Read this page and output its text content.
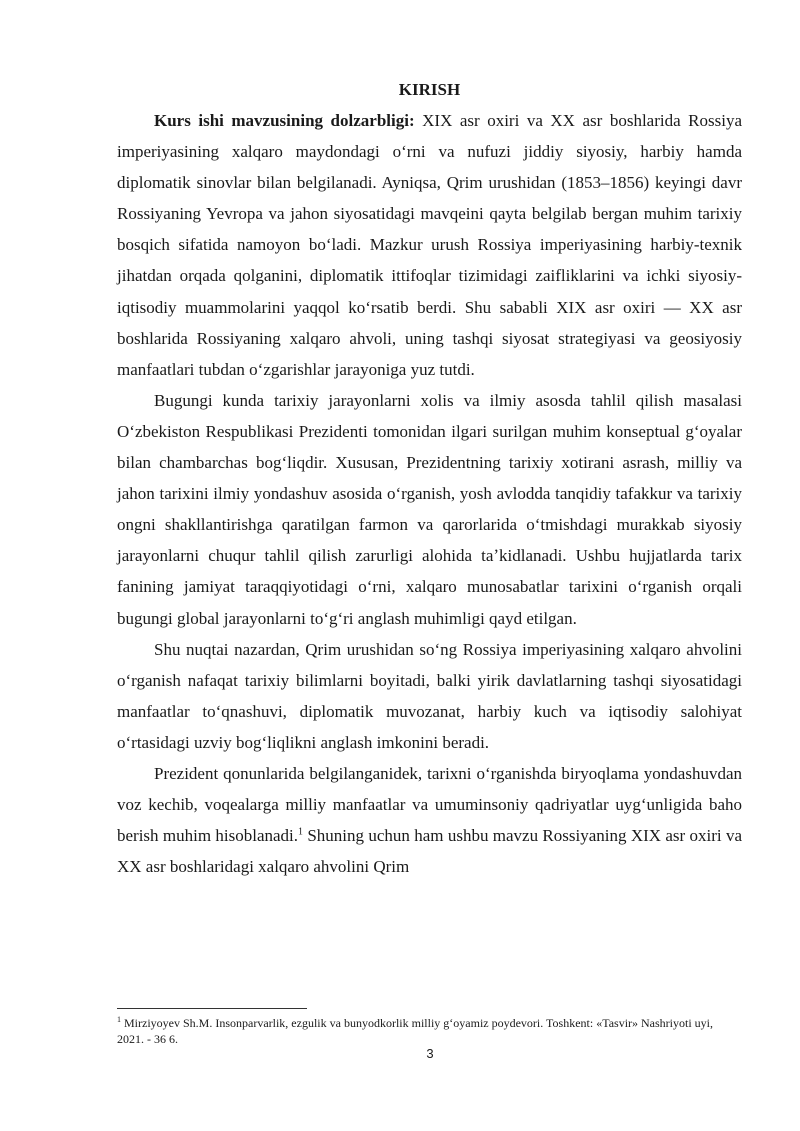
KIRISH

Kurs ishi mavzusining dolzarbligi: XIX asr oxiri va XX asr boshlarida Rossiya imperiyasining xalqaro maydondagi oʻrni va nufuzi jiddiy siyosiy, harbiy hamda diplomatik sinovlar bilan belgilanadi. Ayniqsa, Qrim urushidan (1853–1856) keyingi davr Rossiyaning Yevropa va jahon siyosatidagi mavqeini qayta belgilab bergan muhim tarixiy bosqich sifatida namoyon boʻladi. Mazkur urush Rossiya imperiyasining harbiy-texnik jihatdan orqada qolganini, diplomatik ittifoqlar tizimidagi zaifliklarini va ichki siyosiy-iqtisodiy muammolarini yaqqol koʻrsatib berdi. Shu sababli XIX asr oxiri — XX asr boshlarida Rossiyaning xalqaro ahvoli, uning tashqi siyosat strategiyasi va geosiyosiy manfaatlari tubdan oʻzgarishlar jarayoniga yuz tutdi.

Bugungi kunda tarixiy jarayonlarni xolis va ilmiy asosda tahlil qilish masalasi Oʻzbekiston Respublikasi Prezidenti tomonidan ilgari surilgan muhim konseptual gʻoyalar bilan chambarchas bogʻliqdir. Xususan, Prezidentning tarixiy xotirani asrash, milliy va jahon tarixini ilmiy yondashuv asosida oʻrganish, yosh avlodda tanqidiy tafakkur va tarixiy ongni shakllantirishga qaratilgan farmon va qarorlarida oʻtmishdagi murakkab siyosiy jarayonlarni chuqur tahlil qilish zarurligi alohida taʼkidlanadi. Ushbu hujjatlarda tarix fanining jamiyat taraqqiyotidagi oʻrni, xalqaro munosabatlar tarixini oʻrganish orqali bugungi global jarayonlarni toʻgʻri anglash muhimligi qayd etilgan.

Shu nuqtai nazardan, Qrim urushidan soʻng Rossiya imperiyasining xalqaro ahvolini oʻrganish nafaqat tarixiy bilimlarni boyitadi, balki yirik davlatlarning tashqi siyosatidagi manfaatlar toʻqnashuvi, diplomatik muvozanat, harbiy kuch va iqtisodiy salohiyat oʻrtasidagi uzviy bogʻliqlikni anglash imkonini beradi.

Prezident qonunlarida belgilanganidek, tarixni oʻrganishda biryoqlama yondashuvdan voz kechib, voqealarga milliy manfaatlar va umuminsoniy qadriyatlar uygʻunligida baho berish muhim hisoblanadi.$^1$ Shuning uchun ham ushbu mavzu Rossiyaning XIX asr oxiri va XX asr boshlaridagi xalqaro ahvolini Qrim

$^1$ Mirziyoyev Sh.M. Insonparvarlik, ezgulik va bunyodkorlik milliy gʻoyamiz poydevori. Toshkent: «Tasvir» Nashriyoti uyi, 2021. - 36 6.

3
